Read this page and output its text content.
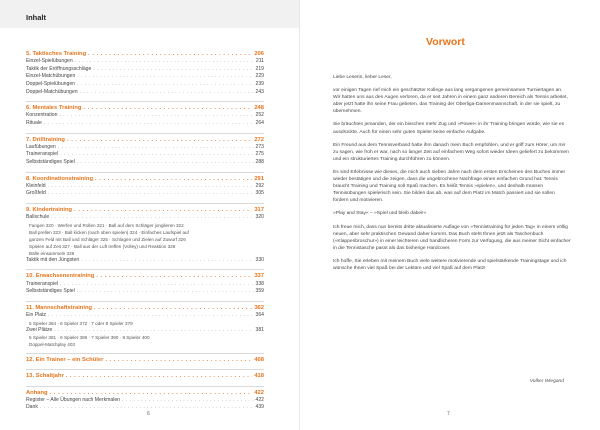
Inhalt
5. Taktisches Training . . .	206
Einzel-Spielübungen . . .	211
Taktik der Eröffnungsschläge . . .	219
Einzel-Matchübungen . . .	229
Doppel-Spielübungen . . .	239
Doppel-Matchübungen . . .	243
6. Mentales Training . . .	248
Konzentration . . .	252
Rituale . . .	264
7. Drilltraining . . .	272
Laufübungen . . .	273
Traineranspiel . . .	275
Selbstständiges Spiel . . .	288
8. Koordinationstraining . . .	291
Kleinfeld . . .	292
Großfeld . . .	305
9. Kindertraining . . .	317
Ballschule . . .	320
Fangen 320 · Werfen und Rollen 321 · Ball auf dem Schläger jonglieren 322
Ball prellen 323 · Ball kicken (nach oben spielen) 324 · Einfaches Laufspiel auf
ganzen Feld mit Ball und Schläger 325 · Schlagen und Zielen auf Zuwurf 326
Spielen auf Zeit 327 · Ball aus der Luft treffen (Volley) und Reaktion 328
Bälle einsammeln 329
Taktik mit den Jüngsten . . .	330
10. Erwachsenentraining . . .	337
Traineranspiel . . .	338
Selbstständiges Spiel . . .	359
11. Mannschaftstraining . . .	362
Ein Platz . . .	364
5 Spieler 364 · 6 Spieler 372 · 7 oder 8 Spieler 379
Zwei Plätze . . .	381
5 Spieler 381 · 6 Spieler 386 · 7 Spieler 390 · 8 Spieler 400
Doppel-Matchplay 403
12. Ein Trainer – ein Schüler . . .	408
13. Schaltjahr . . .	418
Anhang . . .	422
Register – Alle Übungen nach Merkmalen . . .	422
Dank . . .	439
6
Vorwort

Liebe Leserin, lieber Leser,

vor einigen Tagen rief mich ein geschätzter Kollege aus lang vergangenen gemeinsamen Turniertagen an. Wir hatten uns aus den Augen verloren, da er seit Jahren in einem ganz anderen Bereich als Tennis arbeitet, aber jetzt hatte ihn seine Frau gebeten, das Training der Oberliga-Damenmannschaft, in der sie spielt, zu übernehmen.

Sie bräuchten jemanden, der ein bisschen mehr Zug und »Power« in ihr Training bringen würde, wie sie es ausdrückte. Auch für einen sehr guten Spieler keine einfache Aufgabe.

Ein Freund aus dem Tennisverband hatte ihm danach mein Buch empfohlen, und er griff zum Hörer, um mir zu sagen, wie froh er war, nach so langer Zeit auf einfachem Weg sofort wieder Ideen geliefert zu bekommen und ein strukturiertes Training durchführen zu können.

Es sind Erlebnisse wie dieses, die mich auch sieben Jahre nach dem ersten Erscheinen des Buches immer wieder bestätigen und die zeigen, dass die ungebrochene Nachfrage einen einfachen Grund hat: Tennis braucht Training und Training soll Spaß machen. Es heißt Tennis »spielen«, und deshalb müssen Tennisübungen spielerisch sein. Sie bilden das ab, was auf dem Platz im Match passiert und sie sollen fordern und motivieren.

»Play and Stay« – »Spiel und bleib dabei!«

Ich freue mich, dass nun bereits dritte aktualisierte Auflage von »Tennistraining für jeden Tag« in einem völlig neuen, aber sehr praktischen Gewand daher kommt. Das Buch steht Ihnen jetzt als Taschenbuch («Klappenbroschur») in einer leichteren und handlicheren Form zur Verfügung, die aus meiner Sicht einfacher in die Tennistasche passt als das bisherige Hardcover.

Ich hoffe, Sie erleben mit meinem Buch viele weitere motivierende und spielstärkende Trainingstage und ich wünsche Ihnen viel Spaß bei der Lektüre und viel Spaß auf dem Platz!

Volker Wiegand
7
